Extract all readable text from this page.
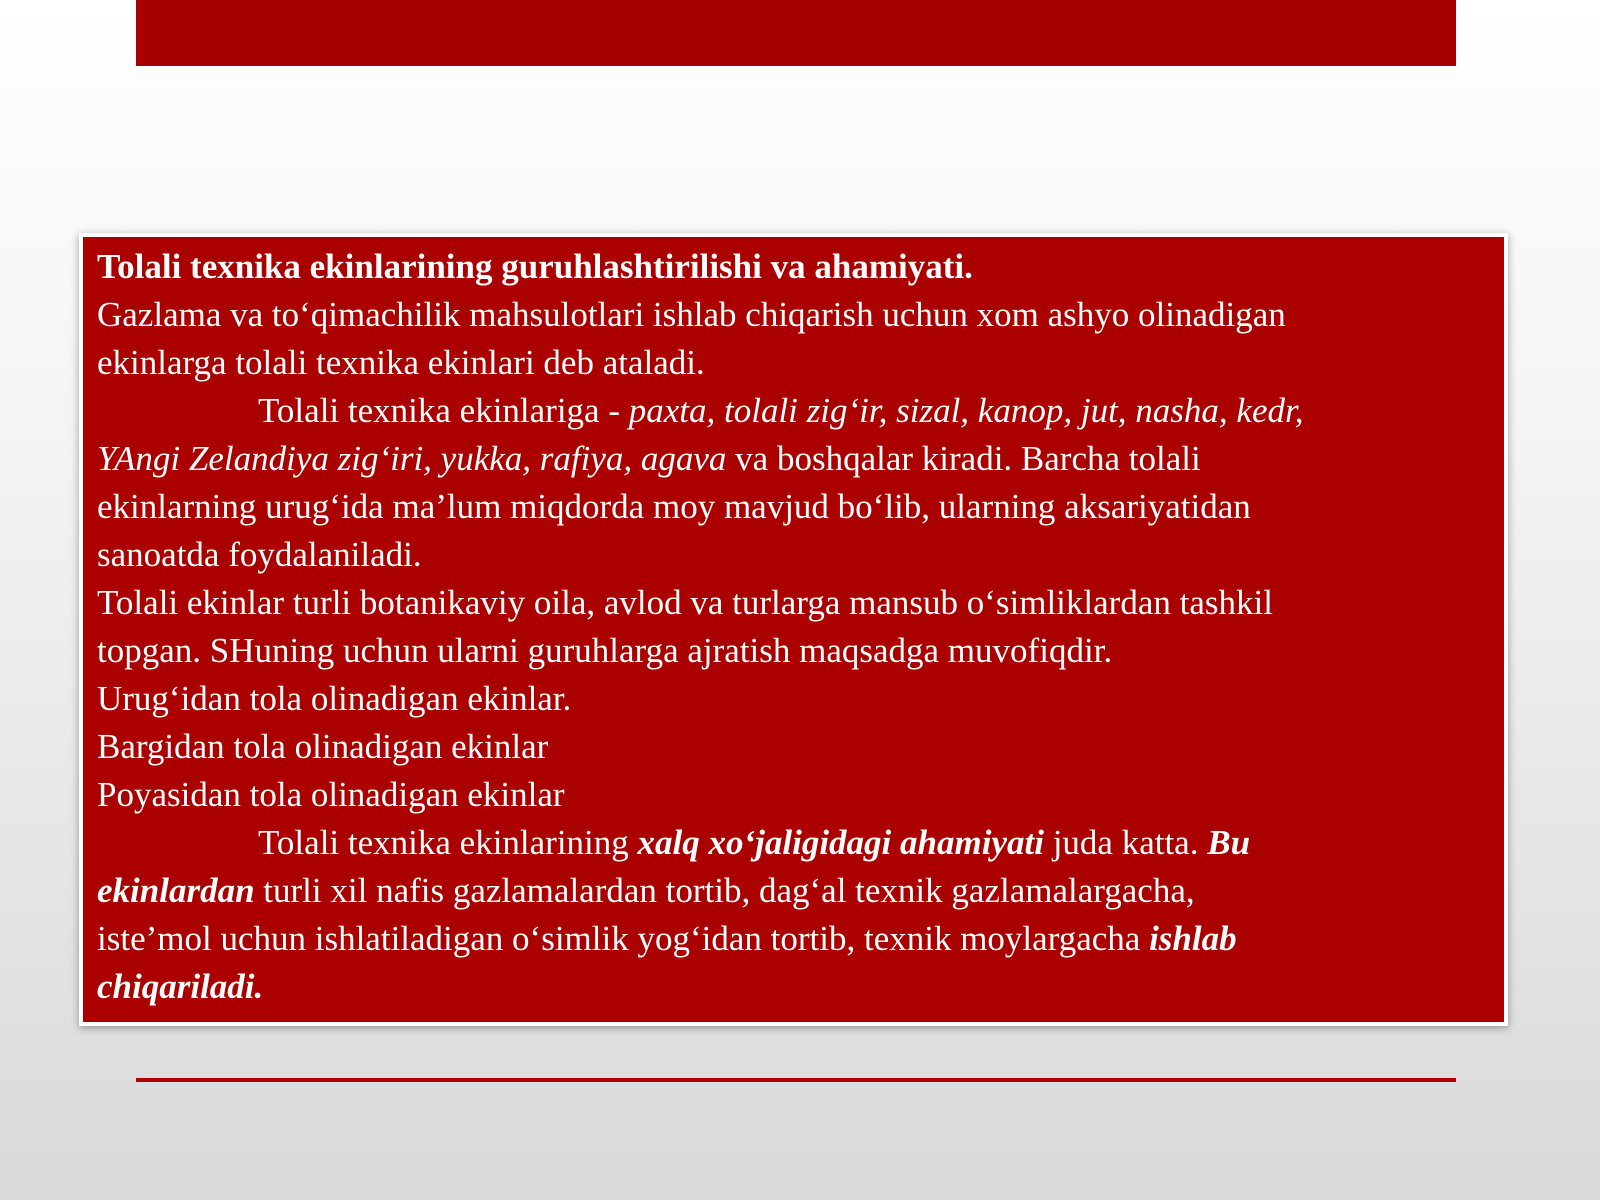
Tolali texnika ekinlarining guruhlashtirilishi va ahamiyati.
Gazlama va to‘qimachilik mahsulotlari ishlab chiqarish uchun xom ashyo olinadigan
ekinlarga tolali texnika ekinlari deb ataladi.
Tolali texnika ekinlariga - paxta, tolali zig‘ir, sizal, kanop, jut, nasha, kedr,
YAngi Zelandiya zig‘iri, yukka, rafiya, agava va boshqalar kiradi. Barcha tolali
ekinlarning urug‘ida ma’lum miqdorda moy mavjud bo‘lib, ularning aksariyatidan
sanoatda foydalaniladi.
Tolali ekinlar turli botanikaviy oila, avlod va turlarga mansub o‘simliklardan tashkil
topgan. SHuning uchun ularni guruhlarga ajratish maqsadga muvofiqdir.
Urug‘idan tola olinadigan ekinlar.
Bargidan tola olinadigan ekinlar
Poyasidan tola olinadigan ekinlar
Tolali texnika ekinlarining xalq xo‘jaligidagi ahamiyati juda katta. Bu
ekinlardan turli xil nafis gazlamalardan tortib, dag‘al texnik gazlamalargacha,
iste’mol uchun ishlatiladigan o‘simlik yog‘idan tortib, texnik moylargacha ishlab
chiqariladi.
